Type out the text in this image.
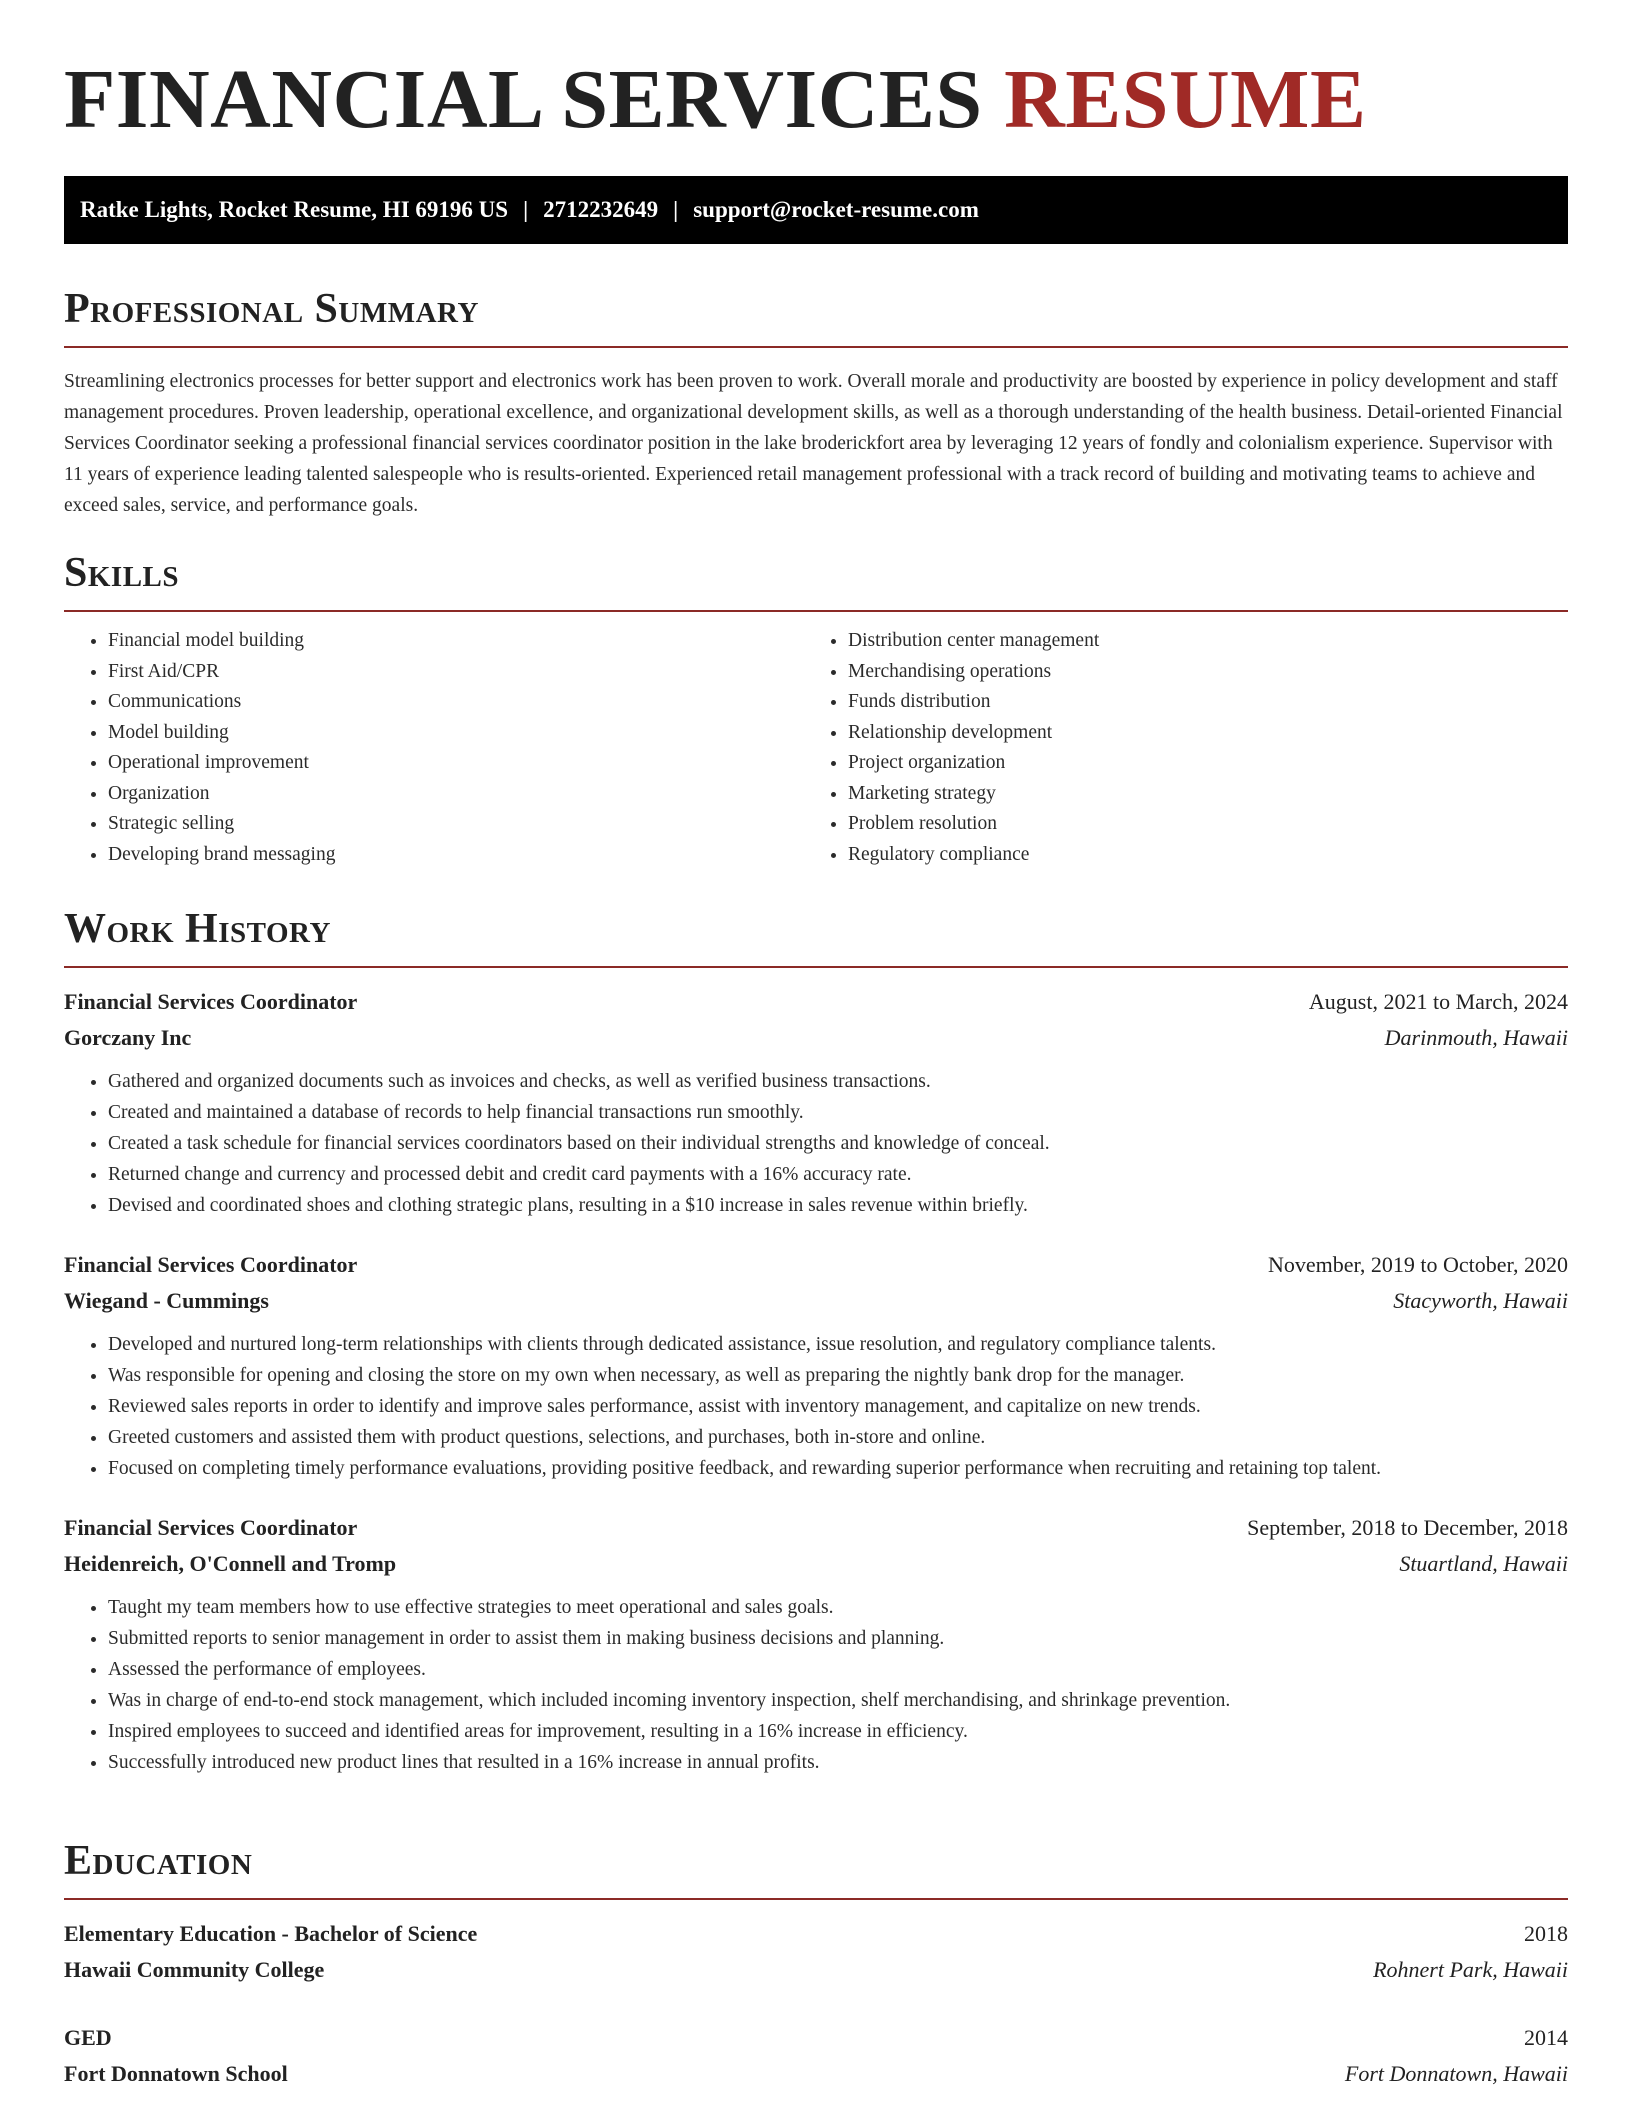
FINANCIAL SERVICES RESUME
Ratke Lights, Rocket Resume, HI 69196 US | 2712232649 | support@rocket-resume.com
Professional Summary

Streamlining electronics processes for better support and electronics work has been proven to work. Overall morale and productivity are boosted by experience in policy development and staff management procedures. Proven leadership, operational excellence, and organizational development skills, as well as a thorough understanding of the health business. Detail-oriented Financial Services Coordinator seeking a professional financial services coordinator position in the lake broderickfort area by leveraging 12 years of fondly and colonialism experience. Supervisor with 11 years of experience leading talented salespeople who is results-oriented. Experienced retail management professional with a track record of building and motivating teams to achieve and exceed sales, service, and performance goals.

Skills
• Financial model building
• First Aid/CPR
• Communications
• Model building
• Operational improvement
• Organization
• Strategic selling
• Developing brand messaging
• Distribution center management
• Merchandising operations
• Funds distribution
• Relationship development
• Project organization
• Marketing strategy
• Problem resolution
• Regulatory compliance
Work History
Financial Services Coordinator	August, 2021 to March, 2024
Gorczany Inc	Darinmouth, Hawaii
• Gathered and organized documents such as invoices and checks, as well as verified business transactions.
• Created and maintained a database of records to help financial transactions run smoothly.
• Created a task schedule for financial services coordinators based on their individual strengths and knowledge of conceal.
• Returned change and currency and processed debit and credit card payments with a 16% accuracy rate.
• Devised and coordinated shoes and clothing strategic plans, resulting in a $10 increase in sales revenue within briefly.
Financial Services Coordinator	November, 2019 to October, 2020
Wiegand - Cummings	Stacyworth, Hawaii
• Developed and nurtured long-term relationships with clients through dedicated assistance, issue resolution, and regulatory compliance talents.
• Was responsible for opening and closing the store on my own when necessary, as well as preparing the nightly bank drop for the manager.
• Reviewed sales reports in order to identify and improve sales performance, assist with inventory management, and capitalize on new trends.
• Greeted customers and assisted them with product questions, selections, and purchases, both in-store and online.
• Focused on completing timely performance evaluations, providing positive feedback, and rewarding superior performance when recruiting and retaining top talent.
Financial Services Coordinator	September, 2018 to December, 2018
Heidenreich, O'Connell and Tromp	Stuartland, Hawaii
• Taught my team members how to use effective strategies to meet operational and sales goals.
• Submitted reports to senior management in order to assist them in making business decisions and planning.
• Assessed the performance of employees.
• Was in charge of end-to-end stock management, which included incoming inventory inspection, shelf merchandising, and shrinkage prevention.
• Inspired employees to succeed and identified areas for improvement, resulting in a 16% increase in efficiency.
• Successfully introduced new product lines that resulted in a 16% increase in annual profits.
Education
Elementary Education - Bachelor of Science	2018
Hawaii Community College	Rohnert Park, Hawaii
GED	2014
Fort Donnatown School	Fort Donnatown, Hawaii
